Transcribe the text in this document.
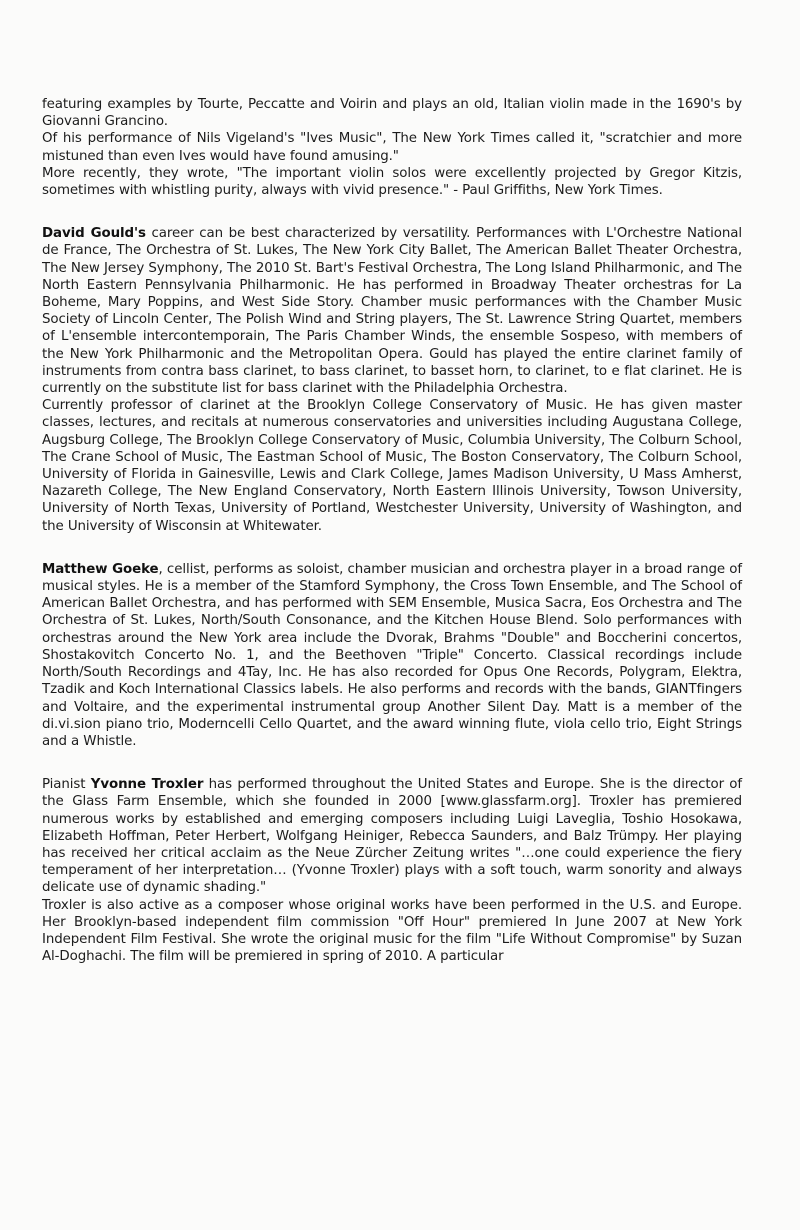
featuring examples by Tourte, Peccatte and Voirin and plays an old, Italian violin made in the 1690's by Giovanni Grancino.

Of his performance of Nils Vigeland's "Ives Music", The New York Times called it, "scratchier and more mistuned than even Ives would have found amusing."

More recently, they wrote, "The important violin solos were excellently projected by Gregor Kitzis, sometimes with whistling purity, always with vivid presence." - Paul Griffiths, New York Times.

David Gould's career can be best characterized by versatility. Performances with L'Orchestre National de France, The Orchestra of St. Lukes, The New York City Ballet, The American Ballet Theater Orchestra, The New Jersey Symphony, The 2010 St. Bart's Festival Orchestra, The Long Island Philharmonic, and The North Eastern Pennsylvania Philharmonic. He has performed in Broadway Theater orchestras for La Boheme, Mary Poppins, and West Side Story. Chamber music performances with the Chamber Music Society of Lincoln Center, The Polish Wind and String players, The St. Lawrence String Quartet, members of L'ensemble intercontemporain, The Paris Chamber Winds, the ensemble Sospeso, with members of the New York Philharmonic and the Metropolitan Opera. Gould has played the entire clarinet family of instruments from contra bass clarinet, to bass clarinet, to basset horn, to clarinet, to e flat clarinet. He is currently on the substitute list for bass clarinet with the Philadelphia Orchestra.

Currently professor of clarinet at the Brooklyn College Conservatory of Music. He has given master classes, lectures, and recitals at numerous conservatories and universities including Augustana College, Augsburg College, The Brooklyn College Conservatory of Music, Columbia University, The Colburn School, The Crane School of Music, The Eastman School of Music, The Boston Conservatory, The Colburn School, University of Florida in Gainesville, Lewis and Clark College, James Madison University, U Mass Amherst, Nazareth College, The New England Conservatory, North Eastern Illinois University, Towson University, University of North Texas, University of Portland, Westchester University, University of Washington, and the University of Wisconsin at Whitewater.

Matthew Goeke, cellist, performs as soloist, chamber musician and orchestra player in a broad range of musical styles. He is a member of the Stamford Symphony, the Cross Town Ensemble, and The School of American Ballet Orchestra, and has performed with SEM Ensemble, Musica Sacra, Eos Orchestra and The Orchestra of St. Lukes, North/South Consonance, and the Kitchen House Blend. Solo performances with orchestras around the New York area include the Dvorak, Brahms "Double" and Boccherini concertos, Shostakovitch Concerto No. 1, and the Beethoven "Triple" Concerto. Classical recordings include North/South Recordings and 4Tay, Inc. He has also recorded for Opus One Records, Polygram, Elektra, Tzadik and Koch International Classics labels. He also performs and records with the bands, GIANTfingers and Voltaire, and the experimental instrumental group Another Silent Day. Matt is a member of the di.vi.sion piano trio, Moderncelli Cello Quartet, and the award winning flute, viola cello trio, Eight Strings and a Whistle.

Pianist Yvonne Troxler has performed throughout the United States and Europe. She is the director of the Glass Farm Ensemble, which she founded in 2000 [www.glassfarm.org]. Troxler has premiered numerous works by established and emerging composers including Luigi Laveglia, Toshio Hosokawa, Elizabeth Hoffman, Peter Herbert, Wolfgang Heiniger, Rebecca Saunders, and Balz Trümpy. Her playing has received her critical acclaim as the Neue Zürcher Zeitung writes "…one could experience the fiery temperament of her interpretation… (Yvonne Troxler) plays with a soft touch, warm sonority and always delicate use of dynamic shading."

Troxler is also active as a composer whose original works have been performed in the U.S. and Europe. Her Brooklyn-based independent film commission "Off Hour" premiered In June 2007 at New York Independent Film Festival. She wrote the original music for the film "Life Without Compromise" by Suzan Al-Doghachi. The film will be premiered in spring of 2010. A particular
